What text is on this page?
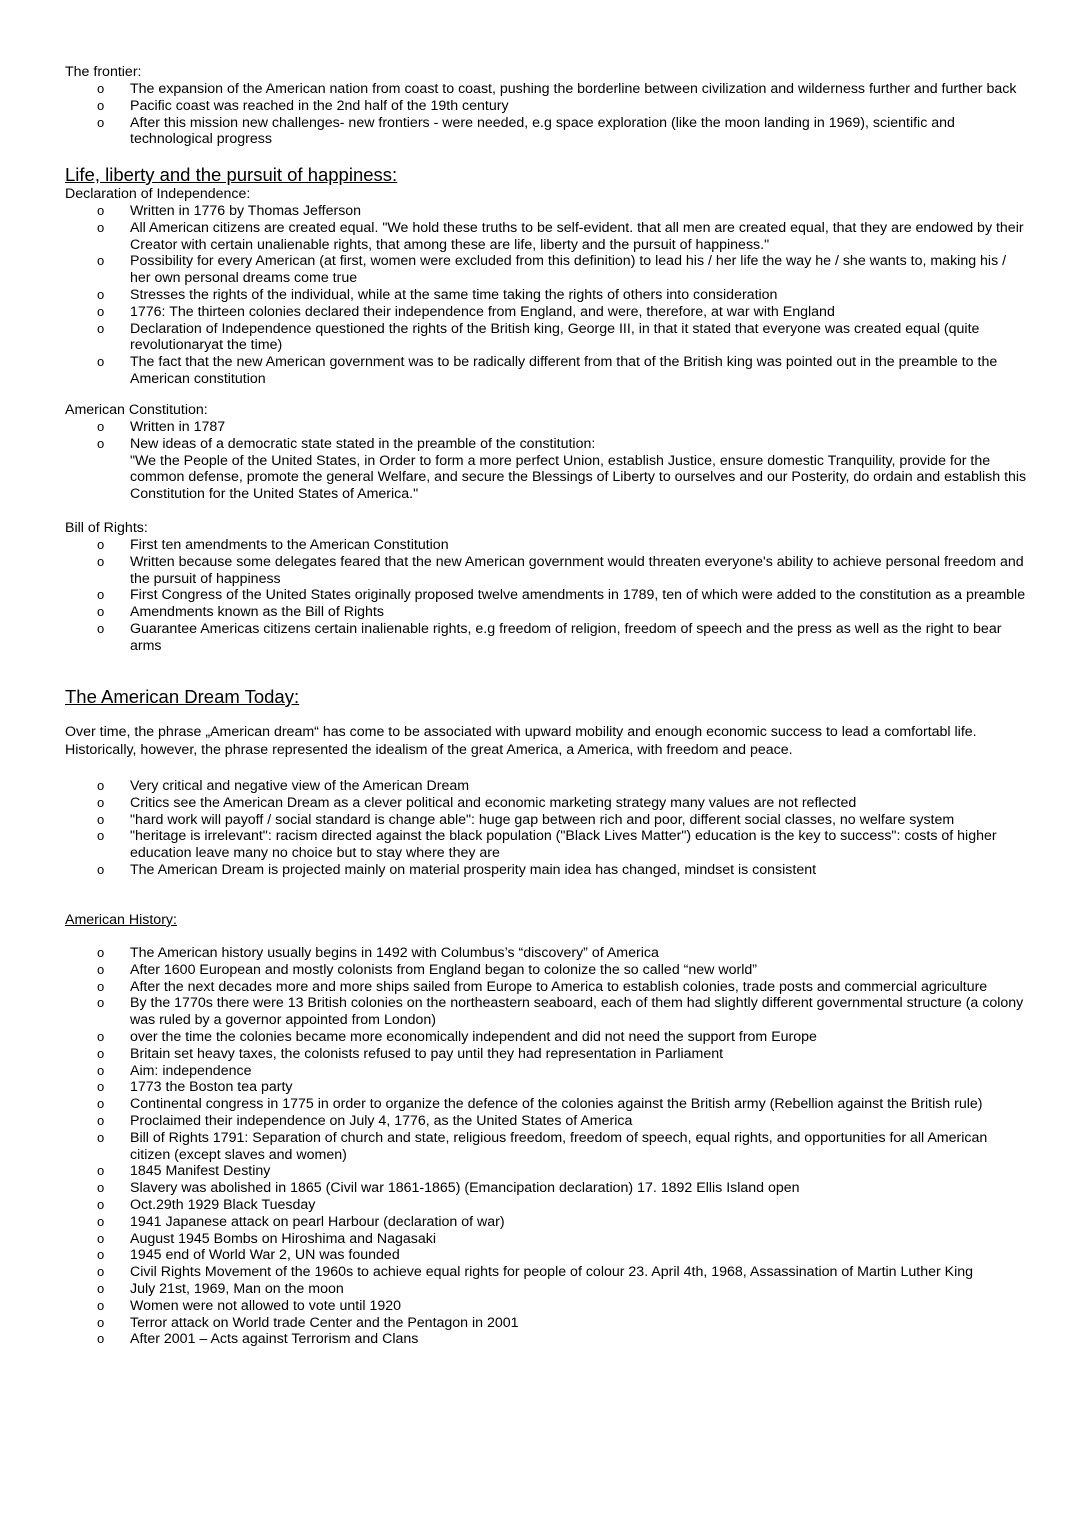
The frontier:
o The expansion of the American nation from coast to coast, pushing the borderline between civilization and wilderness further and further back
o Pacific coast was reached in the 2nd half of the 19th century
o After this mission new challenges- new frontiers - were needed, e.g space exploration (like the moon landing in 1969), scientific and technological progress
Life, liberty and the pursuit of happiness:
Declaration of Independence:
o Written in 1776 by Thomas Jefferson
o All American citizens are created equal. "We hold these truths to be self-evident. that all men are created equal, that they are endowed by their Creator with certain unalienable rights, that among these are life, liberty and the pursuit of happiness."
o Possibility for every American (at first, women were excluded from this definition) to lead his / her life the way he / she wants to, making his / her own personal dreams come true
o Stresses the rights of the individual, while at the same time taking the rights of others into consideration
o 1776: The thirteen colonies declared their independence from England, and were, therefore, at war with England
o Declaration of Independence questioned the rights of the British king, George III, in that it stated that everyone was created equal (quite revolutionaryat the time)
o The fact that the new American government was to be radically different from that of the British king was pointed out in the preamble to the American constitution
American Constitution:
o Written in 1787
o New ideas of a democratic state stated in the preamble of the constitution:
"We the People of the United States, in Order to form a more perfect Union, establish Justice, ensure domestic Tranquility, provide for the common defense, promote the general Welfare, and secure the Blessings of Liberty to ourselves and our Posterity, do ordain and establish this Constitution for the United States of America."
Bill of Rights:
o First ten amendments to the American Constitution
o Written because some delegates feared that the new American government would threaten everyone's ability to achieve personal freedom and the pursuit of happiness
o First Congress of the United States originally proposed twelve amendments in 1789, ten of which were added to the constitution as a preamble
o Amendments known as the Bill of Rights
o Guarantee Americas citizens certain inalienable rights, e.g freedom of religion, freedom of speech and the press as well as the right to bear arms
The American Dream Today:
Over time, the phrase „American dream“ has come to be associated with upward mobility and enough economic success to lead a comfortabl life. Historically, however, the phrase represented the idealism of the great America, a America, with freedom and peace.
o Very critical and negative view of the American Dream
o Critics see the American Dream as a clever political and economic marketing strategy many values are not reflected
o "hard work will payoff / social standard is change able": huge gap between rich and poor, different social classes, no welfare system
o "heritage is irrelevant": racism directed against the black population ("Black Lives Matter") education is the key to success": costs of higher education leave many no choice but to stay where they are
o The American Dream is projected mainly on material prosperity main idea has changed, mindset is consistent
American History:
o The American history usually begins in 1492 with Columbus’s “discovery” of America
o After 1600 European and mostly colonists from England began to colonize the so called “new world”
o After the next decades more and more ships sailed from Europe to America to establish colonies, trade posts and commercial agriculture
o By the 1770s there were 13 British colonies on the northeastern seaboard, each of them had slightly different governmental structure (a colony was ruled by a governor appointed from London)
o over the time the colonies became more economically independent and did not need the support from Europe
o Britain set heavy taxes, the colonists refused to pay until they had representation in Parliament
o Aim: independence
o 1773 the Boston tea party
o Continental congress in 1775 in order to organize the defence of the colonies against the British army (Rebellion against the British rule)
o Proclaimed their independence on July 4, 1776, as the United States of America
o Bill of Rights 1791: Separation of church and state, religious freedom, freedom of speech, equal rights, and opportunities for all American citizen (except slaves and women)
o 1845 Manifest Destiny
o Slavery was abolished in 1865 (Civil war 1861-1865) (Emancipation declaration) 17. 1892 Ellis Island open
o Oct.29th 1929 Black Tuesday
o 1941 Japanese attack on pearl Harbour (declaration of war)
o August 1945 Bombs on Hiroshima and Nagasaki
o 1945 end of World War 2, UN was founded
o Civil Rights Movement of the 1960s to achieve equal rights for people of colour 23. April 4th, 1968, Assassination of Martin Luther King
o July 21st, 1969, Man on the moon
o Women were not allowed to vote until 1920
o Terror attack on World trade Center and the Pentagon in 2001
o After 2001 – Acts against Terrorism and Clans
